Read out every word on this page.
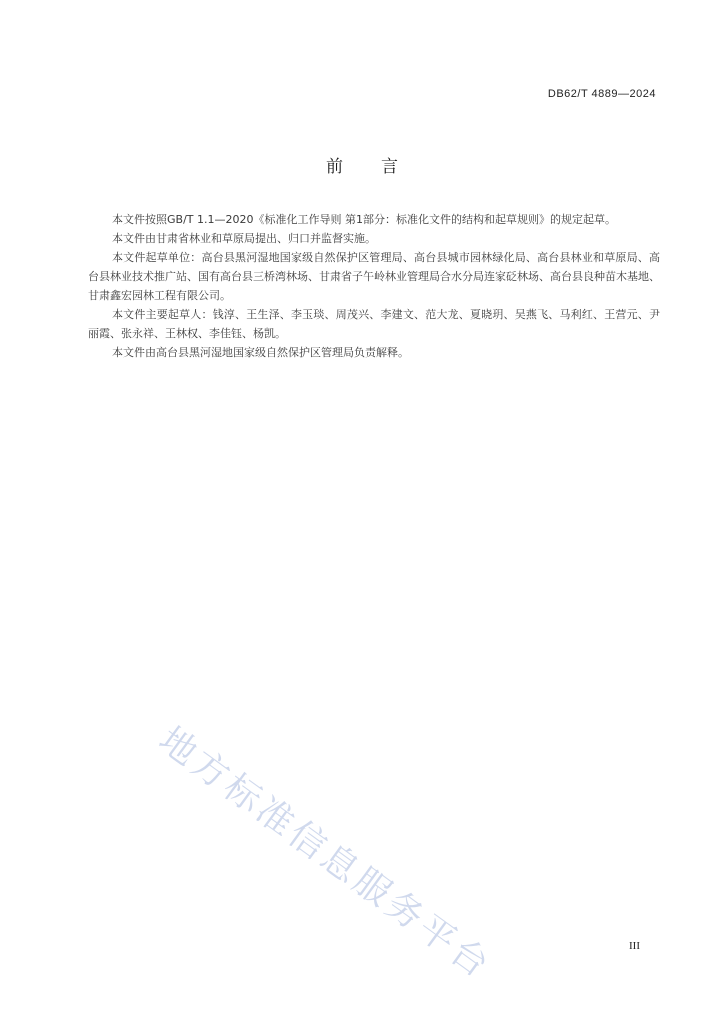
DB62/T 4889—2024
前言

本文件按照GB/T 1.1—2020《标准化工作导则 第1部分：标准化文件的结构和起草规则》的规定起草。

本文件由甘肃省林业和草原局提出、归口并监督实施。

本文件起草单位：高台县黑河湿地国家级自然保护区管理局、高台县城市园林绿化局、高台县林业和草原局、高台县林业技术推广站、国有高台县三桥湾林场、甘肃省子午岭林业管理局合水分局连家砭林场、高台县良种苗木基地、甘肃鑫宏园林工程有限公司。

本文件主要起草人：钱淳、王生泽、李玉琰、周茂兴、李建文、范大龙、夏晓玥、吴燕飞、马利红、王营元、尹丽霞、张永祥、王林权、李佳钰、杨凯。

本文件由高台县黑河湿地国家级自然保护区管理局负责解释。

地方标准信息服务平台	III
